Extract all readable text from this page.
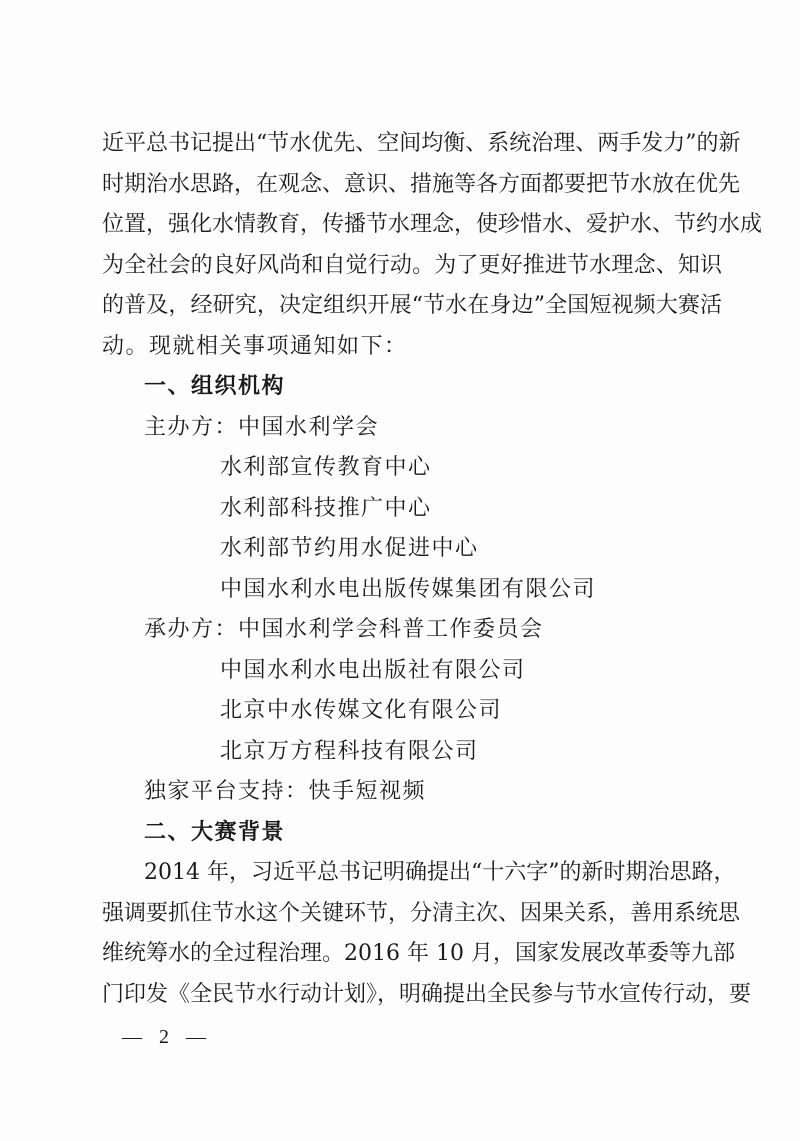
近平总书记提出“节水优先、空间均衡、系统治理、两手发力”的新
时期治水思路，在观念、意识、措施等各方面都要把节水放在优先
位置，强化水情教育，传播节水理念，使珍惜水、爱护水、节约水成
为全社会的良好风尚和自觉行动。为了更好推进节水理念、知识
的普及，经研究，决定组织开展“节水在身边”全国短视频大赛活
动。现就相关事项通知如下：
一、组织机构
主办方：中国水利学会
水利部宣传教育中心
水利部科技推广中心
水利部节约用水促进中心
中国水利水电出版传媒集团有限公司
承办方：中国水利学会科普工作委员会
中国水利水电出版社有限公司
北京中水传媒文化有限公司
北京万方程科技有限公司
独家平台支持：快手短视频
二、大赛背景
2014 年，习近平总书记明确提出“十六字”的新时期治思路，
强调要抓住节水这个关键环节，分清主次、因果关系，善用系统思
维统筹水的全过程治理。2016 年 10 月，国家发展改革委等九部
门印发《全民节水行动计划》，明确提出全民参与节水宣传行动，要
— 2 —
